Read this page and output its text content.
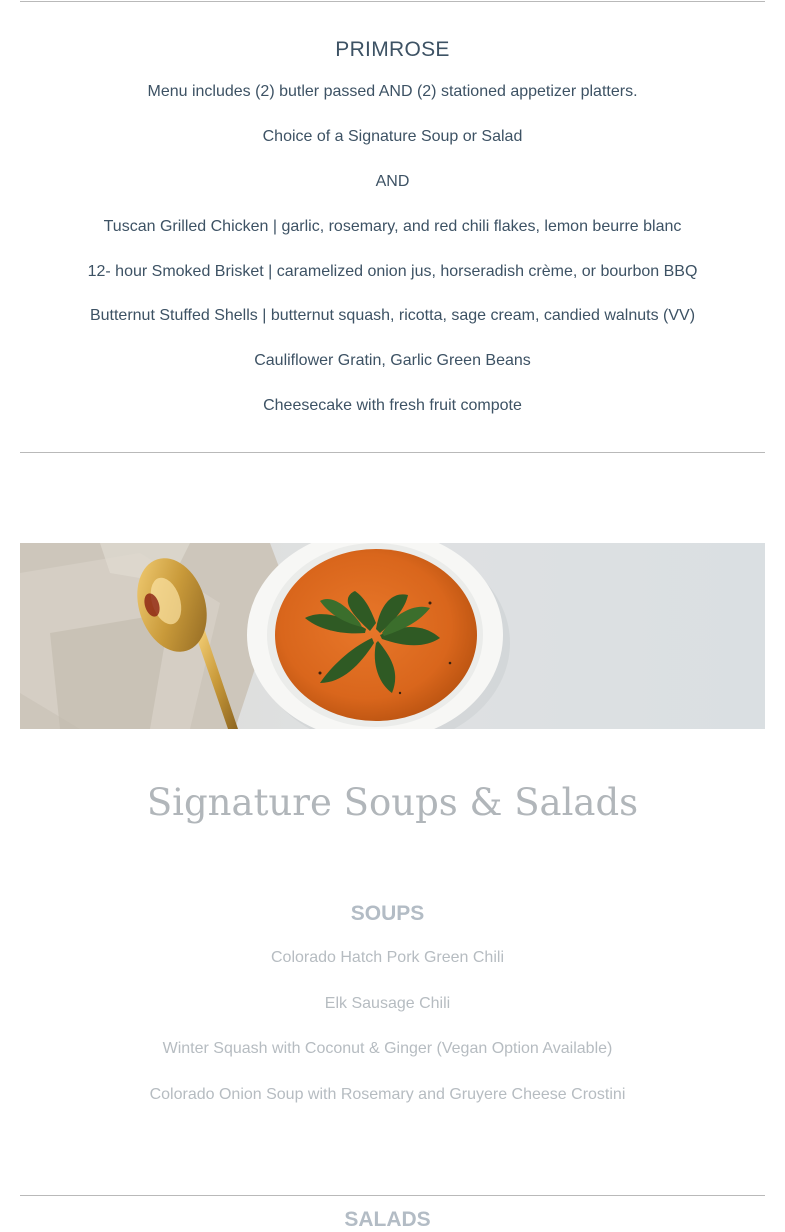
PRIMROSE
Menu includes (2) butler passed AND (2) stationed appetizer platters.
Choice of a Signature Soup or Salad
AND
Tuscan Grilled Chicken | garlic, rosemary, and red chili flakes, lemon beurre blanc
12- hour Smoked Brisket | caramelized onion jus, horseradish crème, or bourbon BBQ
Butternut Stuffed Shells | butternut squash, ricotta, sage cream, candied walnuts (VV)
Cauliflower Gratin, Garlic Green Beans
Cheesecake with fresh fruit compote
Signature Soups & Salads
SOUPS
Colorado Hatch Pork Green Chili
Elk Sausage Chili
Winter Squash with Coconut & Ginger (Vegan Option Available)
Colorado Onion Soup with Rosemary and Gruyere Cheese Crostini
SALADS
